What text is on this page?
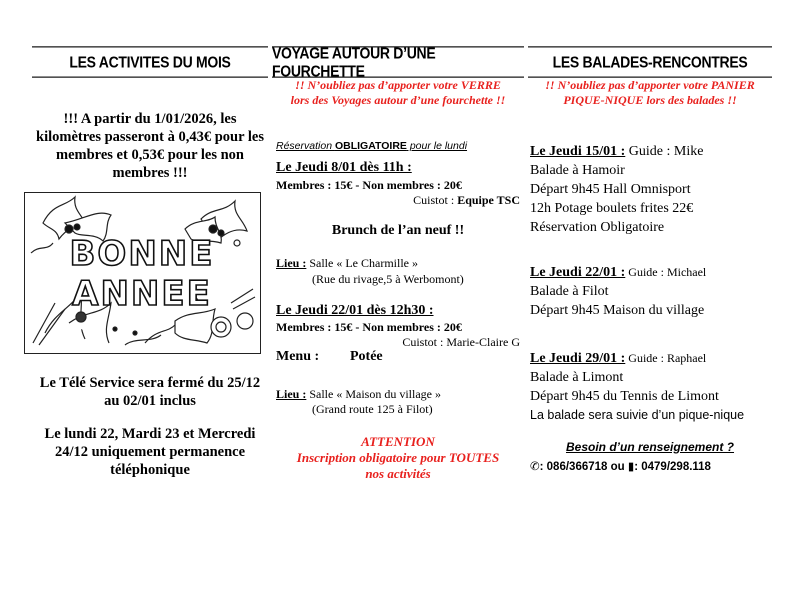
LES ACTIVITES DU MOIS	VOYAGE AUTOUR D’UNE FOURCHETTE	LES BALADES-RENCONTRES
!!! A partir du 1/01/2026, les kilomètres passeront à 0,43€ pour les membres et 0,53€ pour les non membres !!!
BONNE
ANNEE
Le Télé Service sera fermé du 25/12 au 02/01 inclus
Le lundi 22, Mardi 23 et Mercredi 24/12 uniquement permanence téléphonique
!! N’oubliez pas d’apporter votre VERRE
lors des Voyages autour d’une fourchette !!
Réservation OBLIGATOIRE pour le lundi
Le Jeudi 8/01 dès 11h :
Membres : 15€ - Non membres : 20€
Cuistot : Equipe TSC
Brunch de l’an neuf !!
Lieu : Salle « Le Charmille »
(Rue du rivage,5 à Werbomont)
Le Jeudi 22/01 dès 12h30 :
Membres : 15€ - Non membres : 20€
Cuistot : Marie-Claire G
Menu : Potée
Lieu : Salle « Maison du village »
(Grand route 125 à Filot)
ATTENTION
Inscription obligatoire pour TOUTES
nos activités
!! N’oubliez pas d’apporter votre PANIER
PIQUE-NIQUE lors des balades !!
Le Jeudi 15/01 : Guide : Mike
Balade à Hamoir
Départ 9h45 Hall Omnisport
12h Potage boulets frites 22€
Réservation Obligatoire
Le Jeudi 22/01 : Guide : Michael
Balade à Filot
Départ 9h45 Maison du village
Le Jeudi 29/01 : Guide : Raphael
Balade à Limont
Départ 9h45 du Tennis de Limont
La balade sera suivie d’un pique-nique
Besoin d’un renseignement ?
✆: 086/366718 ou ▮: 0479/298.118
